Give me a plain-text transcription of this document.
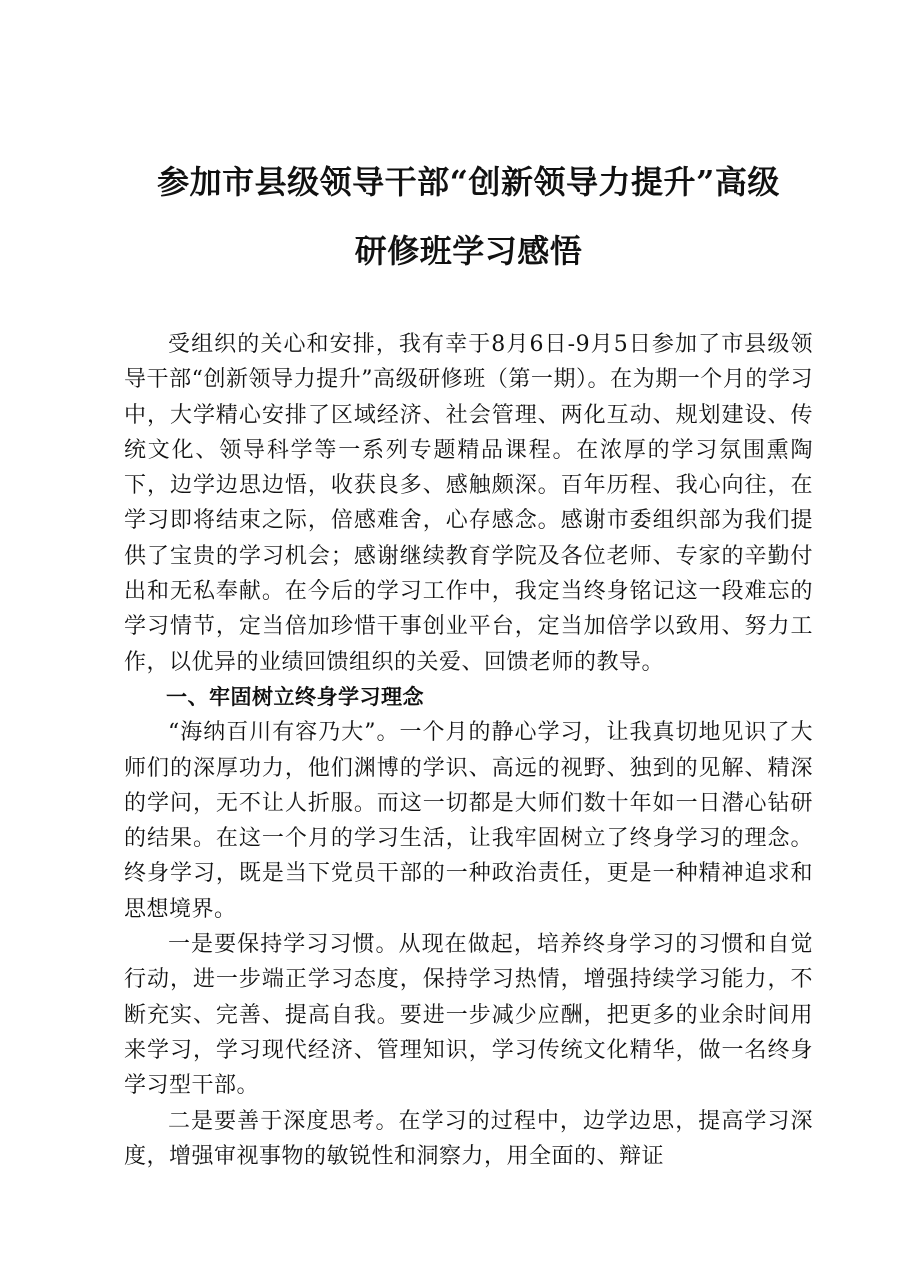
参加市县级领导干部“创新领导力提升”高级
研修班学习感悟

受组织的关心和安排，我有幸于8月6日-9月5日参加了市县级领导干部“创新领导力提升”高级研修班（第一期）。在为期一个月的学习中，大学精心安排了区域经济、社会管理、两化互动、规划建设、传统文化、领导科学等一系列专题精品课程。在浓厚的学习氛围熏陶下，边学边思边悟，收获良多、感触颇深。百年历程、我心向往，在学习即将结束之际，倍感难舍，心存感念。感谢市委组织部为我们提供了宝贵的学习机会；感谢继续教育学院及各位老师、专家的辛勤付出和无私奉献。在今后的学习工作中，我定当终身铭记这一段难忘的学习情节，定当倍加珍惜干事创业平台，定当加倍学以致用、努力工作，以优异的业绩回馈组织的关爱、回馈老师的教导。

一、牢固树立终身学习理念

“海纳百川有容乃大”。一个月的静心学习，让我真切地见识了大师们的深厚功力，他们渊博的学识、高远的视野、独到的见解、精深的学问，无不让人折服。而这一切都是大师们数十年如一日潜心钻研的结果。在这一个月的学习生活，让我牢固树立了终身学习的理念。终身学习，既是当下党员干部的一种政治责任，更是一种精神追求和思想境界。

一是要保持学习习惯。从现在做起，培养终身学习的习惯和自觉行动，进一步端正学习态度，保持学习热情，增强持续学习能力，不断充实、完善、提高自我。要进一步减少应酬，把更多的业余时间用来学习，学习现代经济、管理知识，学习传统文化精华，做一名终身学习型干部。

二是要善于深度思考。在学习的过程中，边学边思，提高学习深度，增强审视事物的敏锐性和洞察力，用全面的、辩证
